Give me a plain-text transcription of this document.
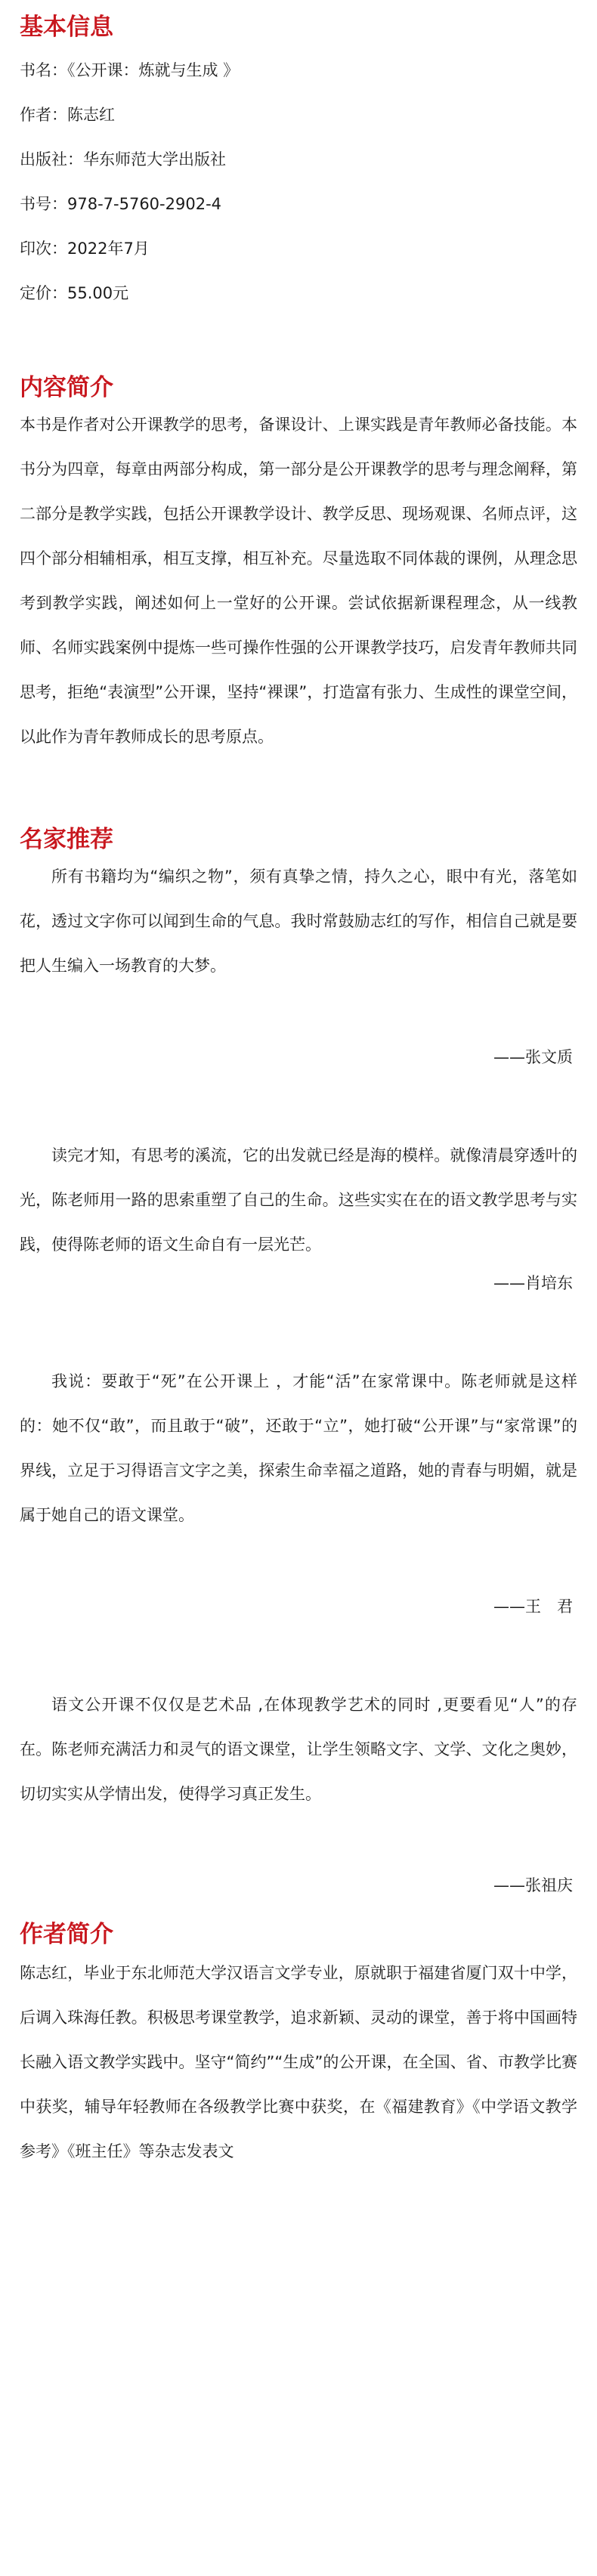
基本信息

书名：《公开课：炼就与生成 》

作者：陈志红

出版社：华东师范大学出版社

书号：978-7-5760-2902-4

印次：2022年7月

定价：55.00元

内容简介

本书是作者对公开课教学的思考，备课设计、上课实践是青年教师必备技能。本书分为四章，每章由两部分构成，第一部分是公开课教学的思考与理念阐释，第二部分是教学实践，包括公开课教学设计、教学反思、现场观课、名师点评，这四个部分相辅相承，相互支撑，相互补充。尽量选取不同体裁的课例，从理念思考到教学实践，阐述如何上一堂好的公开课。尝试依据新课程理念，从一线教师、名师实践案例中提炼一些可操作性强的公开课教学技巧，启发青年教师共同思考，拒绝“表演型”公开课，坚持“裸课”，打造富有张力、生成性的课堂空间，以此作为青年教师成长的思考原点。

名家推荐

所有书籍均为“编织之物”，须有真挚之情，持久之心，眼中有光，落笔如花，透过文字你可以闻到生命的气息。我时常鼓励志红的写作，相信自己就是要把人生编入一场教育的大梦。

——张文质

读完才知，有思考的溪流，它的出发就已经是海的模样。就像清晨穿透叶的光，陈老师用一路的思索重塑了自己的生命。这些实实在在的语文教学思考与实践，使得陈老师的语文生命自有一层光芒。

——肖培东

我说：要敢于“死”在公开课上 ，才能“活”在家常课中。陈老师就是这样的：她不仅“敢”，而且敢于“破”，还敢于“立”，她打破“公开课”与“家常课”的界线，立足于习得语言文字之美，探索生命幸福之道路，她的青春与明媚，就是属于她自己的语文课堂。

——王　君

语文公开课不仅仅是艺术品 ,在体现教学艺术的同时 ,更要看见“人”的存在。陈老师充满活力和灵气的语文课堂，让学生领略文字、文学、文化之奥妙，切切实实从学情出发，使得学习真正发生。

——张祖庆

作者简介

陈志红，毕业于东北师范大学汉语言文学专业，原就职于福建省厦门双十中学，后调入珠海任教。积极思考课堂教学，追求新颖、灵动的课堂，善于将中国画特长融入语文教学实践中。坚守“简约”“生成”的公开课，在全国、省、市教学比赛中获奖，辅导年轻教师在各级教学比赛中获奖，在《福建教育》《中学语文教学参考》《班主任》等杂志发表文
